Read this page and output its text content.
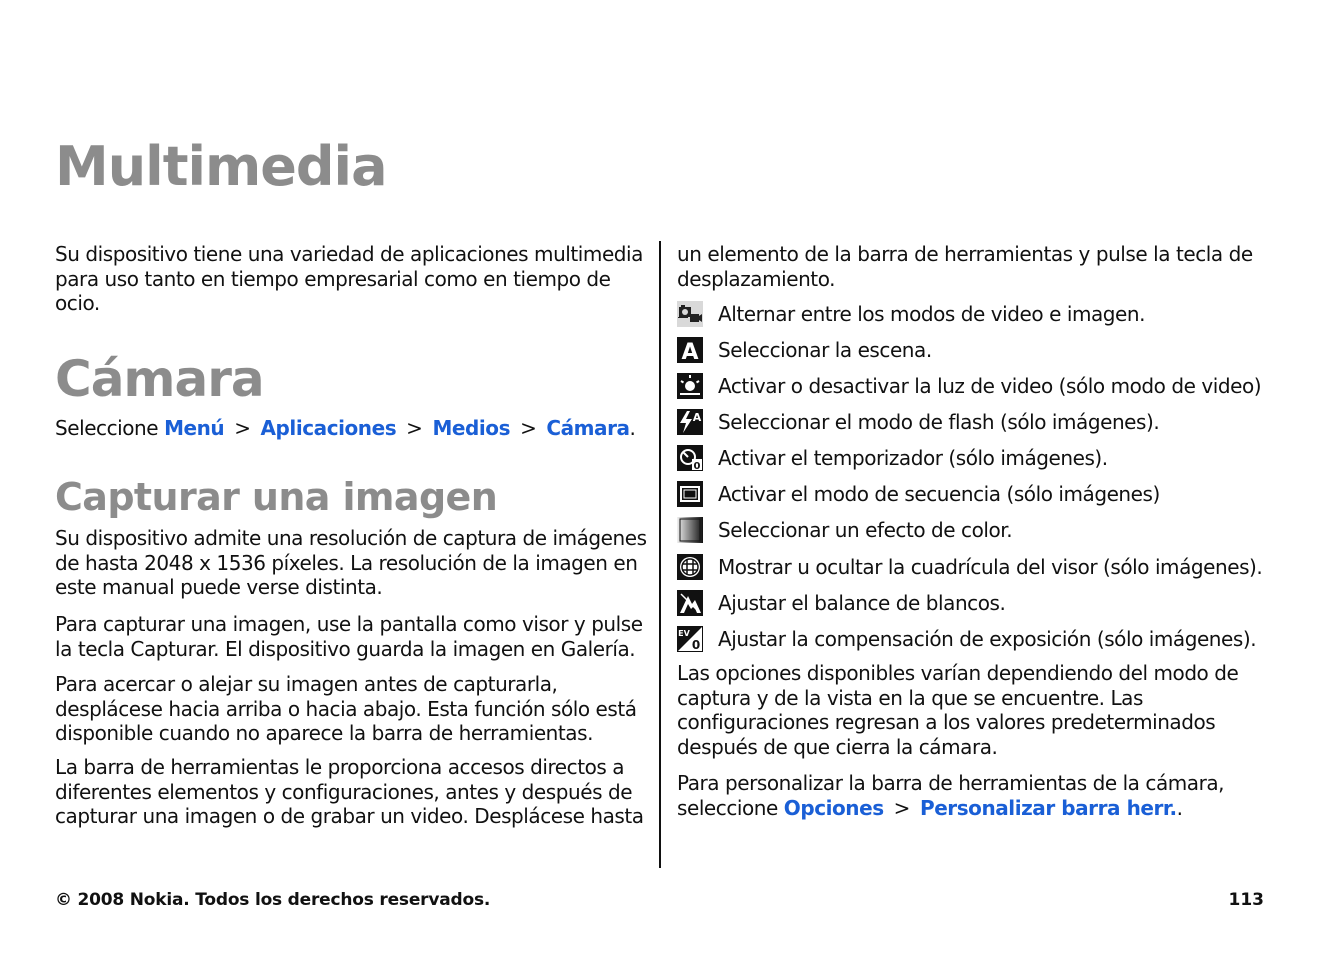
Multimedia
Su dispositivo tiene una variedad de aplicaciones multimedia
para uso tanto en tiempo empresarial como en tiempo de
ocio.
Cámara
Seleccione Menú > Aplicaciones > Medios > Cámara.
Capturar una imagen
Su dispositivo admite una resolución de captura de imágenes
de hasta 2048 x 1536 píxeles. La resolución de la imagen en
este manual puede verse distinta.
Para capturar una imagen, use la pantalla como visor y pulse
la tecla Capturar. El dispositivo guarda la imagen en Galería.
Para acercar o alejar su imagen antes de capturarla,
desplácese hacia arriba o hacia abajo. Esta función sólo está
disponible cuando no aparece la barra de herramientas.
La barra de herramientas le proporciona accesos directos a
diferentes elementos y configuraciones, antes y después de
capturar una imagen o de grabar un video. Desplácese hasta
un elemento de la barra de herramientas y pulse la tecla de
desplazamiento.
Alternar entre los modos de video e imagen.
A Seleccionar la escena.
Activar o desactivar la luz de video (sólo modo de video)
A Seleccionar el modo de flash (sólo imágenes).
0 Activar el temporizador (sólo imágenes).
Activar el modo de secuencia (sólo imágenes)
Seleccionar un efecto de color.
Mostrar u ocultar la cuadrícula del visor (sólo imágenes).
Ajustar el balance de blancos.
EV
0 Ajustar la compensación de exposición (sólo imágenes).
Las opciones disponibles varían dependiendo del modo de
captura y de la vista en la que se encuentre. Las
configuraciones regresan a los valores predeterminados
después de que cierra la cámara.
Para personalizar la barra de herramientas de la cámara,
seleccione Opciones > Personalizar barra herr..
© 2008 Nokia. Todos los derechos reservados.	113
